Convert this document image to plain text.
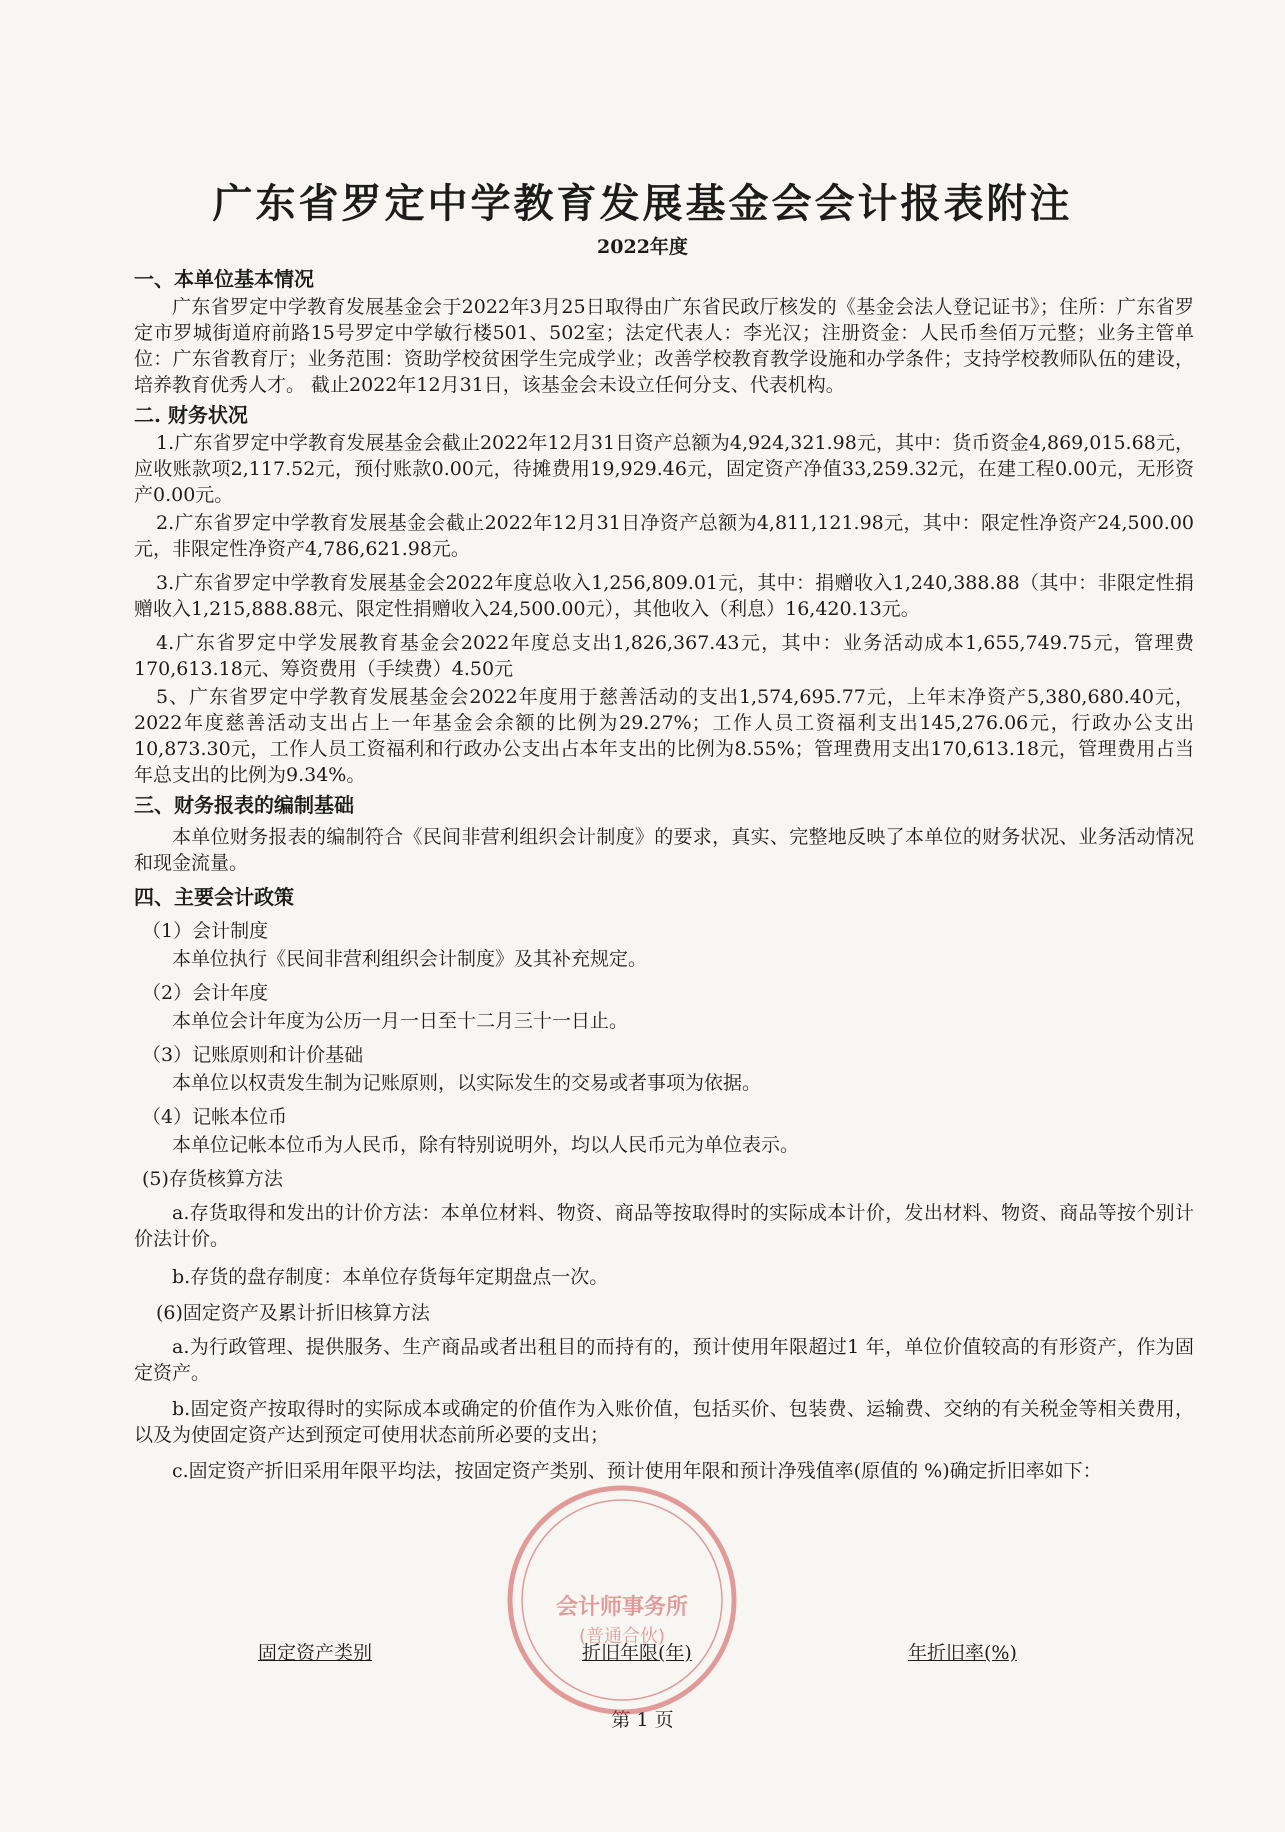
广东省罗定中学教育发展基金会会计报表附注
2022年度
一、本单位基本情况

广东省罗定中学教育发展基金会于2022年3月25日取得由广东省民政厅核发的《基金会法人登记证书》；住所：广东省罗定市罗城街道府前路15号罗定中学敏行楼501、502室；法定代表人：李光汉；注册资金：人民币叁佰万元整；业务主管单位：广东省教育厅；业务范围：资助学校贫困学生完成学业；改善学校教育教学设施和办学条件；支持学校教师队伍的建设，培养教育优秀人才。 截止2022年12月31日，该基金会未设立任何分支、代表机构。

二. 财务状况

1.广东省罗定中学教育发展基金会截止2022年12月31日资产总额为4,924,321.98元，其中：货币资金4,869,015.68元，应收账款项2,117.52元，预付账款0.00元，待摊费用19,929.46元，固定资产净值33,259.32元，在建工程0.00元，无形资产0.00元。

2.广东省罗定中学教育发展基金会截止2022年12月31日净资产总额为4,811,121.98元，其中：限定性净资产24,500.00元，非限定性净资产4,786,621.98元。

3.广东省罗定中学教育发展基金会2022年度总收入1,256,809.01元，其中：捐赠收入1,240,388.88（其中：非限定性捐赠收入1,215,888.88元、限定性捐赠收入24,500.00元），其他收入（利息）16,420.13元。

4.广东省罗定中学发展教育基金会2022年度总支出1,826,367.43元，其中：业务活动成本1,655,749.75元，管理费170,613.18元、筹资费用（手续费）4.50元

5、广东省罗定中学教育发展基金会2022年度用于慈善活动的支出1,574,695.77元，上年末净资产5,380,680.40元，2022年度慈善活动支出占上一年基金会余额的比例为29.27%；工作人员工资福利支出145,276.06元，行政办公支出10,873.30元，工作人员工资福利和行政办公支出占本年支出的比例为8.55%；管理费用支出170,613.18元，管理费用占当年总支出的比例为9.34%。

三、财务报表的编制基础

本单位财务报表的编制符合《民间非营利组织会计制度》的要求，真实、完整地反映了本单位的财务状况、业务活动情况和现金流量。

四、主要会计政策
（1）会计制度

本单位执行《民间非营利组织会计制度》及其补充规定。

（2）会计年度

本单位会计年度为公历一月一日至十二月三十一日止。

（3）记账原则和计价基础

本单位以权责发生制为记账原则，以实际发生的交易或者事项为依据。

（4）记帐本位币

本单位记帐本位币为人民币，除有特别说明外，均以人民币元为单位表示。

(5)存货核算方法

a.存货取得和发出的计价方法：本单位材料、物资、商品等按取得时的实际成本计价，发出材料、物资、商品等按个别计价法计价。

b.存货的盘存制度：本单位存货每年定期盘点一次。

(6)固定资产及累计折旧核算方法

a.为行政管理、提供服务、生产商品或者出租目的而持有的，预计使用年限超过1 年，单位价值较高的有形资产，作为固定资产。

b.固定资产按取得时的实际成本或确定的价值作为入账价值，包括买价、包装费、运输费、交纳的有关税金等相关费用，以及为使固定资产达到预定可使用状态前所必要的支出；

c.固定资产折旧采用年限平均法，按固定资产类别、预计使用年限和预计净残值率(原值的 %)确定折旧率如下：

固定资产类别	折旧年限(年)	年折旧率(%)
第 1 页
会计师事务所
(普通合伙)
